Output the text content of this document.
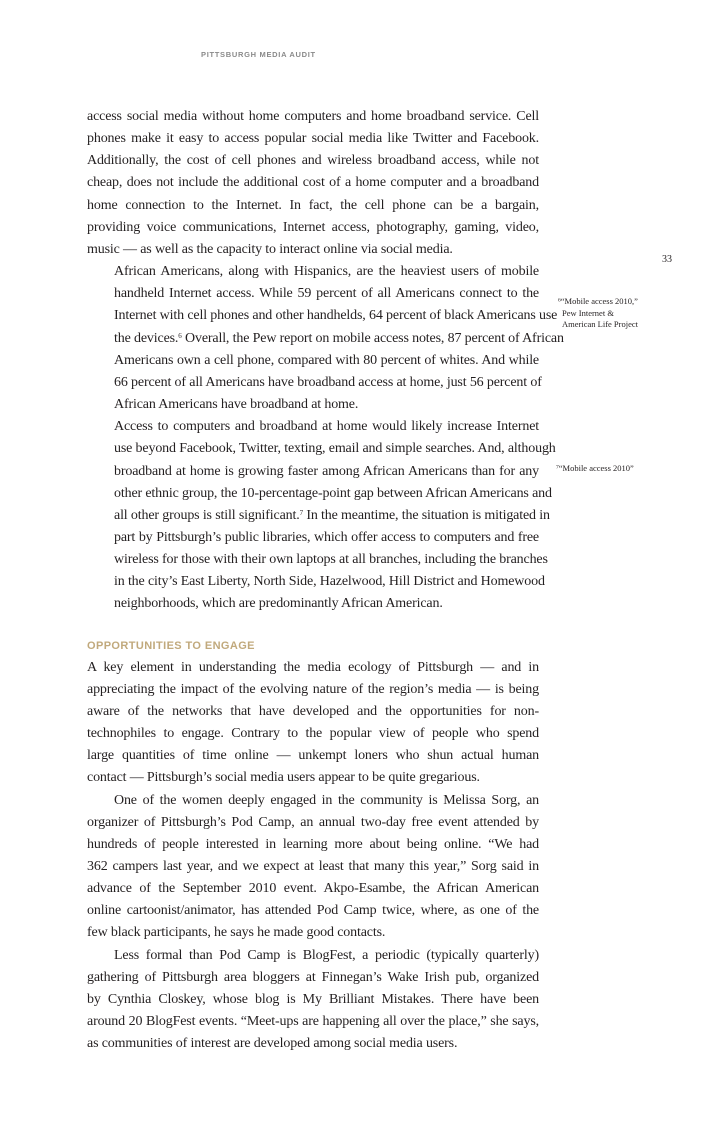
PITTSBURGH MEDIA AUDIT
33

access social media without home computers and home broadband service. Cell
phones make it easy to access popular social media like Twitter and Facebook.
Additionally, the cost of cell phones and wireless broadband access, while not
cheap, does not include the additional cost of a home computer and a broadband
home connection to the Internet. In fact, the cell phone can be a bargain,
providing voice communications, Internet access, photography, gaming, video,
music — as well as the capacity to interact online via social media.

African Americans, along with Hispanics, are the heaviest users of mobile
handheld Internet access. While 59 percent of all Americans connect to the
Internet with cell phones and other handhelds, 64 percent of black Americans use
the devices.$^6$ Overall, the Pew report on mobile access notes, 87 percent of African
Americans own a cell phone, compared with 80 percent of whites. And while
66 percent of all Americans have broadband access at home, just 56 percent of
African Americans have broadband at home.

Access to computers and broadband at home would likely increase Internet
use beyond Facebook, Twitter, texting, email and simple searches. And, although
broadband at home is growing faster among African Americans than for any
other ethnic group, the 10-percentage-point gap between African Americans and
all other groups is still significant.$^7$ In the meantime, the situation is mitigated in
part by Pittsburgh’s public libraries, which offer access to computers and free
wireless for those with their own laptops at all branches, including the branches
in the city’s East Liberty, North Side, Hazelwood, Hill District and Homewood
neighborhoods, which are predominantly African American.

OPPORTUNITIES TO ENGAGE

A key element in understanding the media ecology of Pittsburgh — and in
appreciating the impact of the evolving nature of the region’s media — is being
aware of the networks that have developed and the opportunities for non-
technophiles to engage. Contrary to the popular view of people who spend
large quantities of time online — unkempt loners who shun actual human
contact — Pittsburgh’s social media users appear to be quite gregarious.

One of the women deeply engaged in the community is Melissa Sorg, an
organizer of Pittsburgh’s Pod Camp, an annual two-day free event attended by
hundreds of people interested in learning more about being online. “We had
362 campers last year, and we expect at least that many this year,” Sorg said in
advance of the September 2010 event. Akpo-Esambe, the African American
online cartoonist/animator, has attended Pod Camp twice, where, as one of the
few black participants, he says he made good contacts.

Less formal than Pod Camp is BlogFest, a periodic (typically quarterly)
gathering of Pittsburgh area bloggers at Finnegan’s Wake Irish pub, organized
by Cynthia Closkey, whose blog is My Brilliant Mistakes. There have been
around 20 BlogFest events. “Meet-ups are happening all over the place,” she says,
as communities of interest are developed among social media users.

$^6$“Mobile access 2010,”
Pew Internet &
American Life Project
$^7$“Mobile access 2010”
